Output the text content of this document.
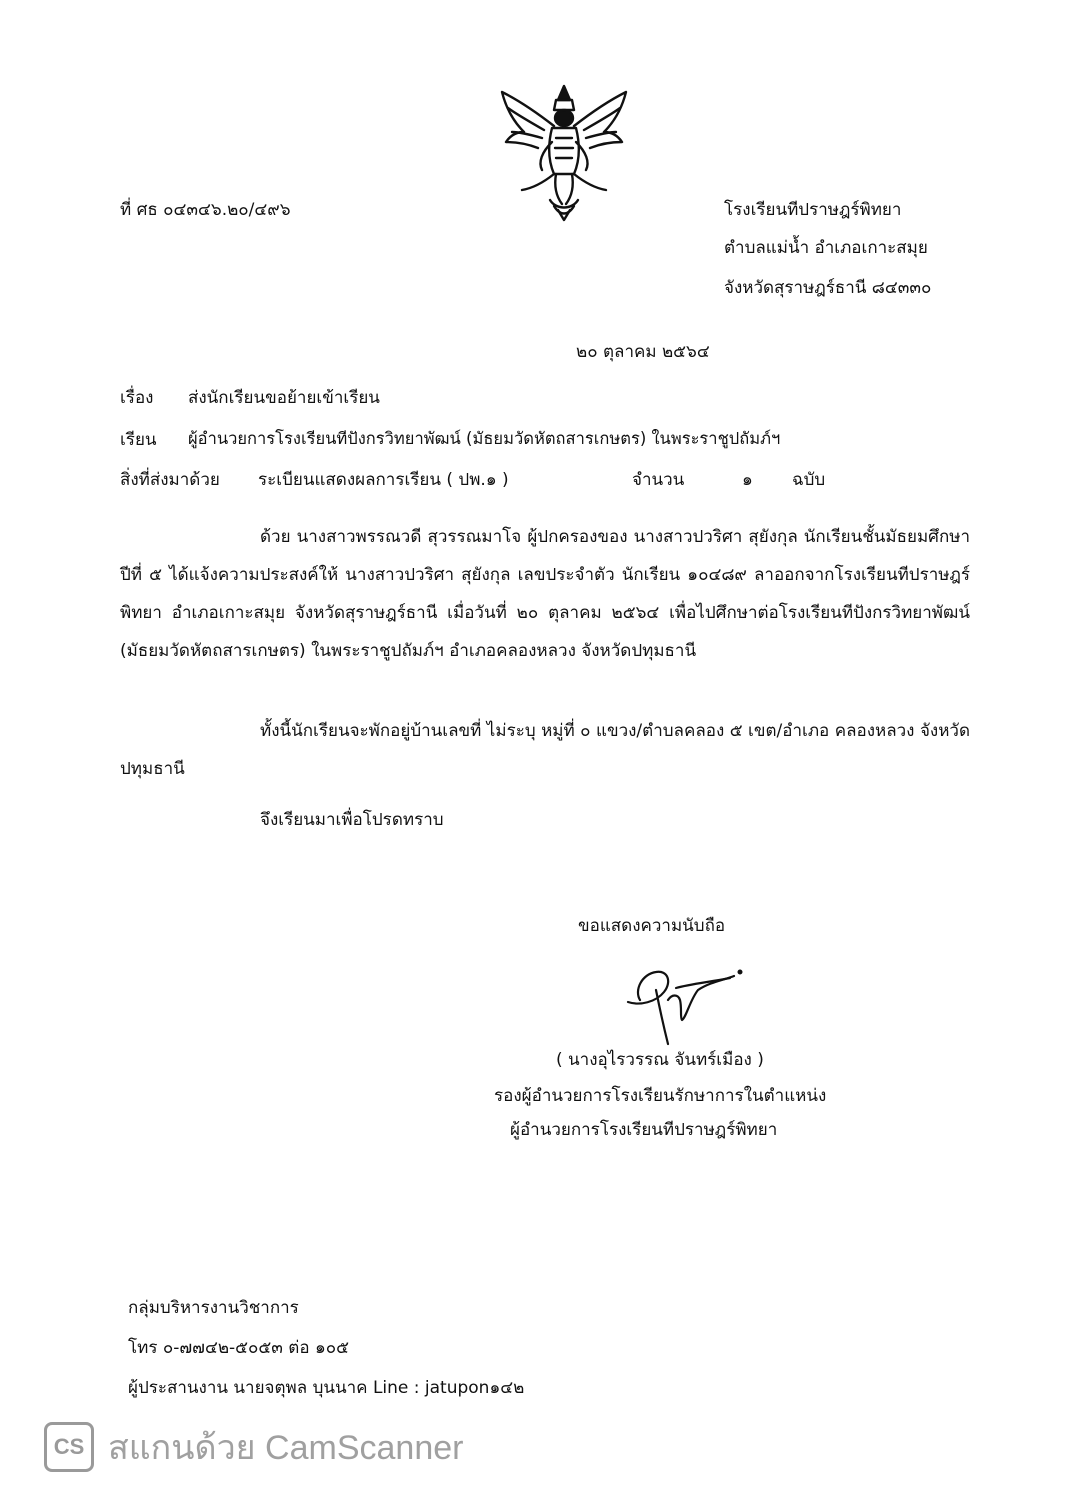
ที่ ศธ ๐๔๓๔๖.๒๐/๔๙๖	โรงเรียนทีปราษฎร์พิทยา
ตำบลแม่น้ำ อำเภอเกาะสมุย
จังหวัดสุราษฎร์ธานี ๘๔๓๓๐
๒๐ ตุลาคม ๒๕๖๔
เรื่อง ส่งนักเรียนขอย้ายเข้าเรียน
เรียน ผู้อำนวยการโรงเรียนทีปังกรวิทยาพัฒน์ (มัธยมวัดหัตถสารเกษตร) ในพระราชูปถัมภ์ฯ
สิ่งที่ส่งมาด้วย ระเบียนแสดงผลการเรียน ( ปพ.๑ )	จำนวน	๑ ฉบับ
ด้วย นางสาวพรรณวดี สุวรรณมาโจ ผู้ปกครองของ นางสาวปวริศา สุยังกุล นักเรียนชั้นมัธยมศึกษาปีที่ ๕ ได้แจ้งความประสงค์ให้ นางสาวปวริศา สุยังกุล เลขประจำตัว นักเรียน ๑๐๔๘๙ ลาออกจากโรงเรียนทีปราษฎร์พิทยา อำเภอเกาะสมุย จังหวัดสุราษฎร์ธานี เมื่อวันที่ ๒๐ ตุลาคม ๒๕๖๔ เพื่อไปศึกษาต่อโรงเรียนทีปังกรวิทยาพัฒน์ (มัธยมวัดหัตถสารเกษตร) ในพระราชูปถัมภ์ฯ อำเภอคลองหลวง จังหวัดปทุมธานี
ทั้งนี้นักเรียนจะพักอยู่บ้านเลขที่ ไม่ระบุ หมู่ที่ ๐ แขวง/ตำบลคลอง ๕ เขต/อำเภอ คลองหลวง จังหวัดปทุมธานี
จึงเรียนมาเพื่อโปรดทราบ
ขอแสดงความนับถือ
( นางอุไรวรรณ จันทร์เมือง )
รองผู้อำนวยการโรงเรียนรักษาการในตำแหน่ง
ผู้อำนวยการโรงเรียนทีปราษฎร์พิทยา
กลุ่มบริหารงานวิชาการ
โทร ๐-๗๗๔๒-๕๐๕๓ ต่อ ๑๐๕
ผู้ประสานงาน นายจตุพล บุนนาค Line : jatupon๑๔๒
CS สแกนด้วย CamScanner
